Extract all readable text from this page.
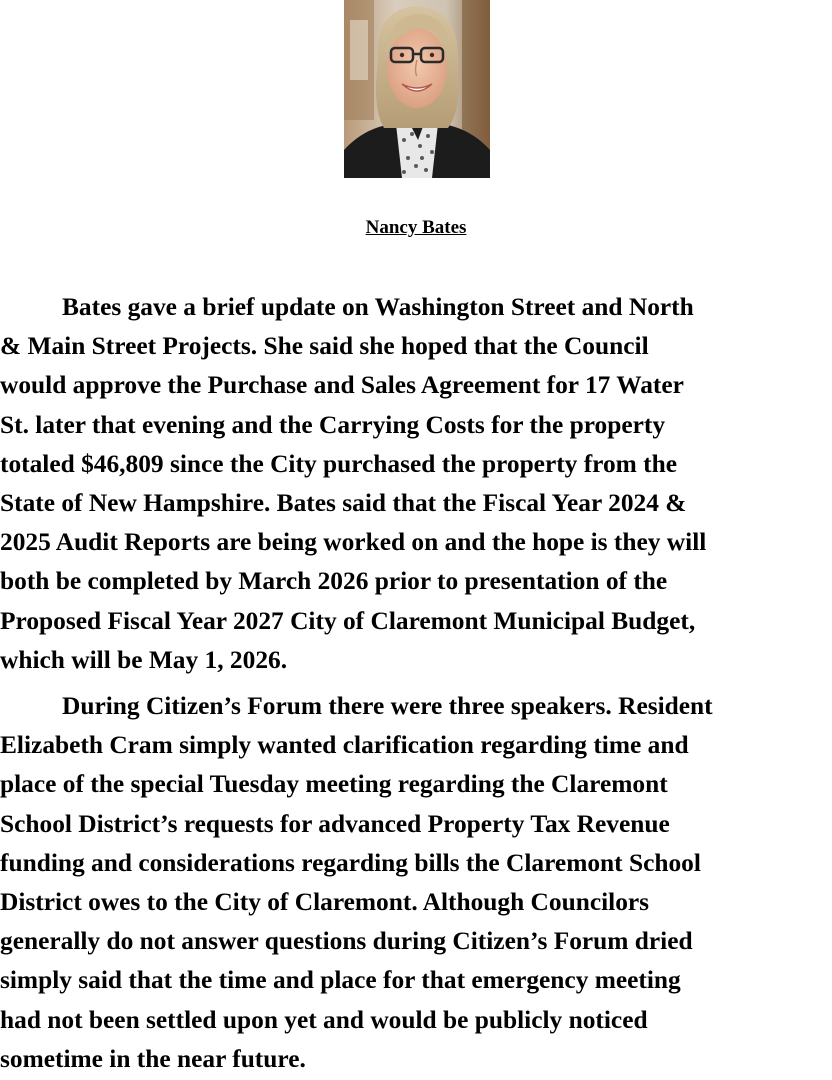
Nancy Bates

Bates gave a brief update on Washington Street and North
& Main Street Projects. She said she hoped that the Council
would approve the Purchase and Sales Agreement for 17 Water
St. later that evening and the Carrying Costs for the property
totaled $46,809 since the City purchased the property from the
State of New Hampshire. Bates said that the Fiscal Year 2024 &
2025 Audit Reports are being worked on and the hope is they will
both be completed by March 2026 prior to presentation of the
Proposed Fiscal Year 2027 City of Claremont Municipal Budget,
which will be May 1, 2026.

During Citizen’s Forum there were three speakers. Resident
Elizabeth Cram simply wanted clarification regarding time and
place of the special Tuesday meeting regarding the Claremont
School District’s requests for advanced Property Tax Revenue
funding and considerations regarding bills the Claremont School
District owes to the City of Claremont. Although Councilors
generally do not answer questions during Citizen’s Forum dried
simply said that the time and place for that emergency meeting
had not been settled upon yet and would be publicly noticed
sometime in the near future.
